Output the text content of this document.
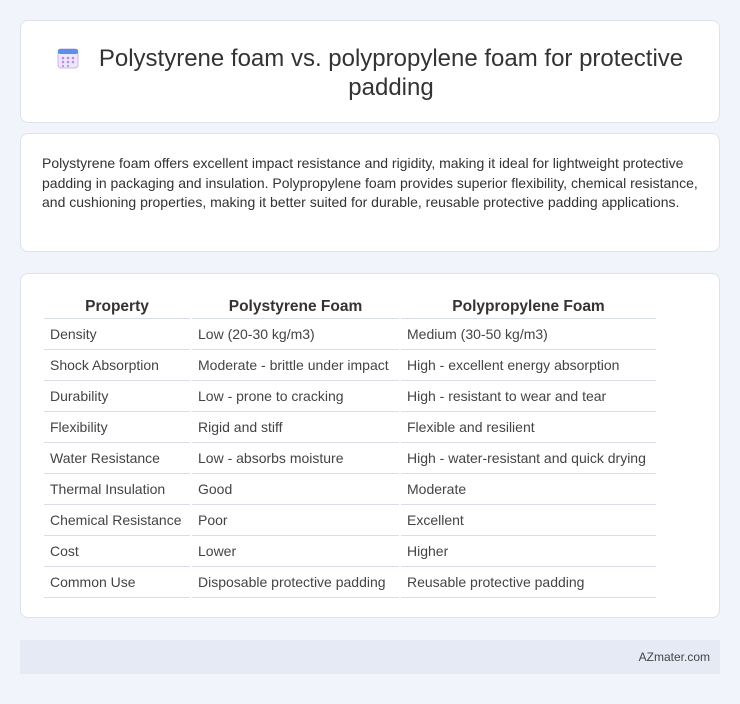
Polystyrene foam vs. polypropylene foam for protective padding

Polystyrene foam offers excellent impact resistance and rigidity, making it ideal for lightweight protective padding in packaging and insulation. Polypropylene foam provides superior flexibility, chemical resistance, and cushioning properties, making it better suited for durable, reusable protective padding applications.

Property	Polystyrene Foam	Polypropylene Foam
Density	Low (20-30 kg/m3)	Medium (30-50 kg/m3)
Shock Absorption	Moderate - brittle under impact	High - excellent energy absorption
Durability	Low - prone to cracking	High - resistant to wear and tear
Flexibility	Rigid and stiff	Flexible and resilient
Water Resistance	Low - absorbs moisture	High - water-resistant and quick drying
Thermal Insulation	Good	Moderate
Chemical Resistance	Poor	Excellent
Cost	Lower	Higher
Common Use	Disposable protective padding	Reusable protective padding
AZmater.com
